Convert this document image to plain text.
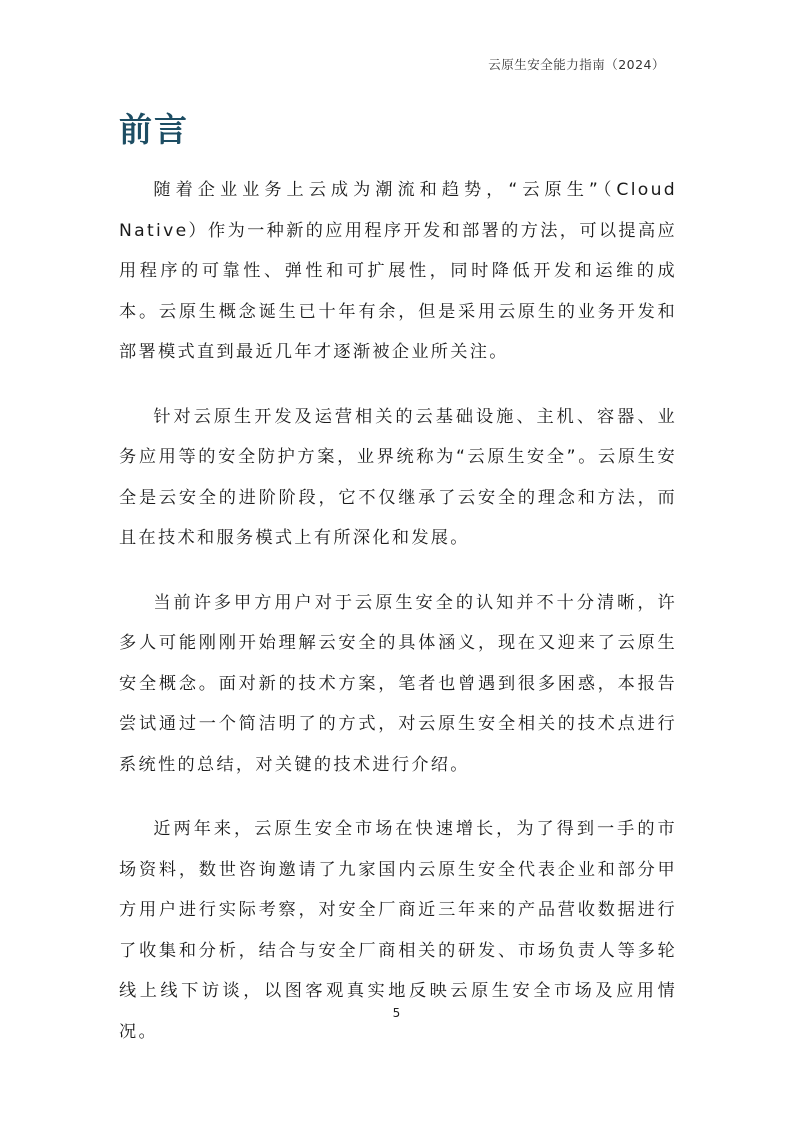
云原生安全能力指南（2024）
前言

随着企业业务上云成为潮流和趋势，“云原生”（Cloud Native）作为一种新的应用程序开发和部署的方法，可以提高应用程序的可靠性、弹性和可扩展性，同时降低开发和运维的成本。云原生概念诞生已十年有余，但是采用云原生的业务开发和部署模式直到最近几年才逐渐被企业所关注。

针对云原生开发及运营相关的云基础设施、主机、容器、业务应用等的安全防护方案，业界统称为“云原生安全”。云原生安全是云安全的进阶阶段，它不仅继承了云安全的理念和方法，而且在技术和服务模式上有所深化和发展。

当前许多甲方用户对于云原生安全的认知并不十分清晰，许多人可能刚刚开始理解云安全的具体涵义，现在又迎来了云原生安全概念。面对新的技术方案，笔者也曾遇到很多困惑，本报告尝试通过一个简洁明了的方式，对云原生安全相关的技术点进行系统性的总结，对关键的技术进行介绍。

近两年来，云原生安全市场在快速增长，为了得到一手的市场资料，数世咨询邀请了九家国内云原生安全代表企业和部分甲方用户进行实际考察，对安全厂商近三年来的产品营收数据进行了收集和分析，结合与安全厂商相关的研发、市场负责人等多轮线上线下访谈，以图客观真实地反映云原生安全市场及应用情况。

5
